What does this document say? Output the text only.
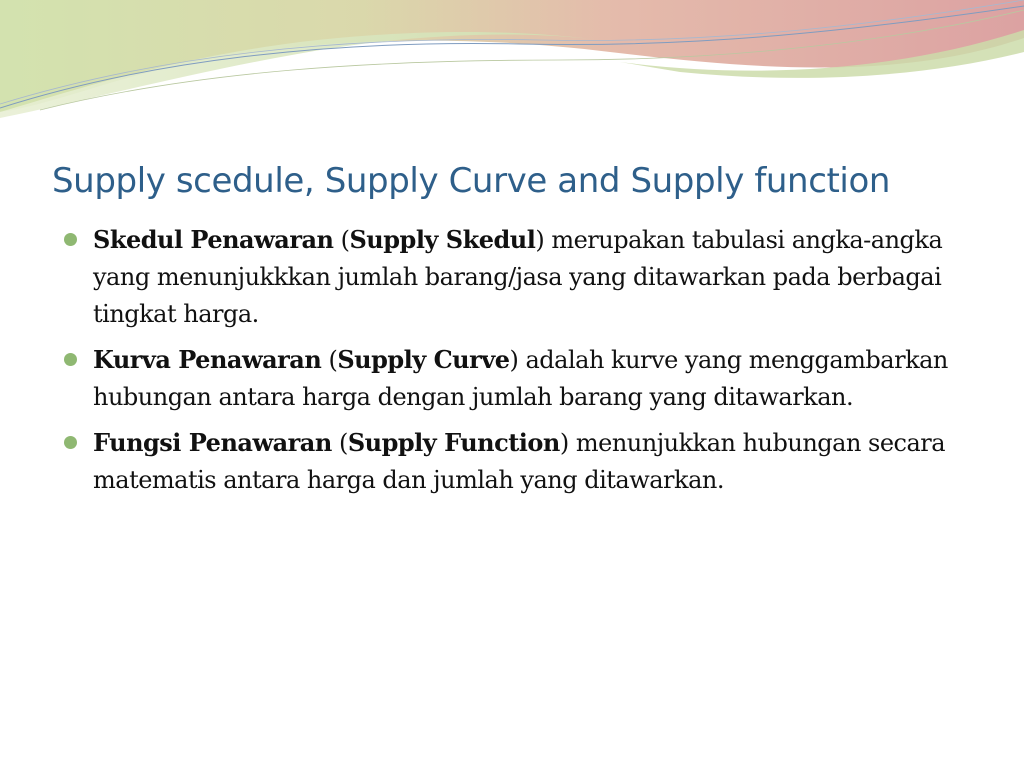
Supply scedule, Supply Curve and Supply function
Skedul Penawaran (Supply Skedul) merupakan tabulasi angka-angka yang menunjukkkan jumlah barang/jasa yang ditawarkan pada berbagai tingkat harga.
Kurva Penawaran (Supply Curve) adalah kurve yang menggambarkan hubungan antara harga dengan jumlah barang yang ditawarkan.
Fungsi Penawaran (Supply Function) menunjukkan hubungan secara matematis antara harga dan jumlah yang ditawarkan.
